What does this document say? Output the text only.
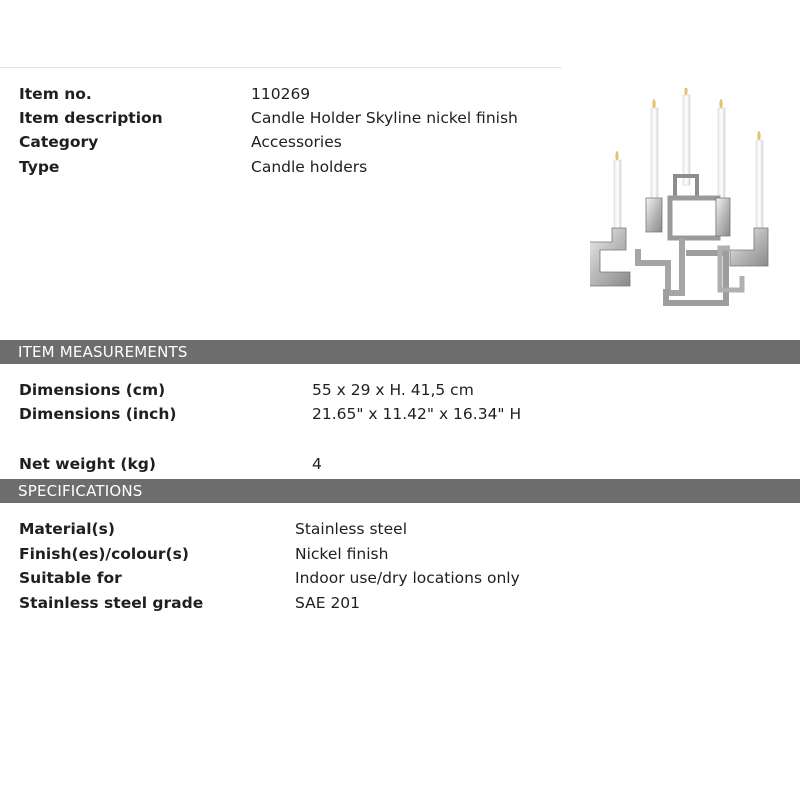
Item no.	110269
Item description	Candle Holder Skyline nickel finish
Category	Accessories
Type	Candle holders
ITEM MEASUREMENTS
Dimensions (cm)	55 x 29 x H. 41,5 cm
Dimensions (inch)	21.65" x 11.42" x 16.34" H
Net weight (kg)	4
SPECIFICATIONS
Material(s)	Stainless steel
Finish(es)/colour(s)	Nickel finish
Suitable for	Indoor use/dry locations only
Stainless steel grade	SAE 201
